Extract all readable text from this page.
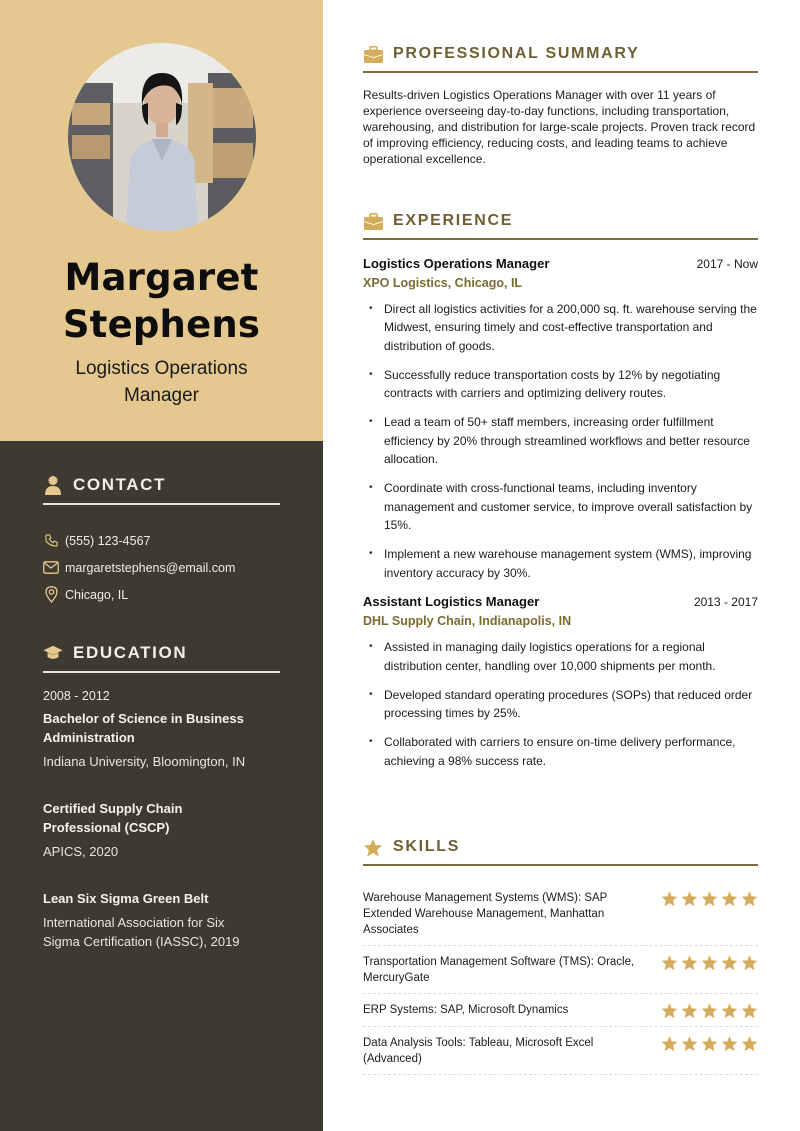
Margaret
Stephens
Logistics Operations
Manager
CONTACT
(555) 123-4567
margaretstephens@email.com
Chicago, IL
EDUCATION
2008 - 2012
Bachelor of Science in Business
Administration
Indiana University, Bloomington, IN
Certified Supply Chain
Professional (CSCP)
APICS, 2020
Lean Six Sigma Green Belt
International Association for Six
Sigma Certification (IASSC), 2019
PROFESSIONAL SUMMARY

Results-driven Logistics Operations Manager with over 11 years of experience overseeing day-to-day functions, including transportation, warehousing, and distribution for large-scale projects. Proven track record of improving efficiency, reducing costs, and leading teams to achieve operational excellence.

EXPERIENCE
Logistics Operations Manager	2017 - Now
XPO Logistics, Chicago, IL
• Direct all logistics activities for a 200,000 sq. ft. warehouse serving the Midwest, ensuring timely and cost-effective transportation and distribution of goods.
• Successfully reduce transportation costs by 12% by negotiating contracts with carriers and optimizing delivery routes.
• Lead a team of 50+ staff members, increasing order fulfillment efficiency by 20% through streamlined workflows and better resource allocation.
• Coordinate with cross-functional teams, including inventory management and customer service, to improve overall satisfaction by 15%.
• Implement a new warehouse management system (WMS), improving inventory accuracy by 30%.
Assistant Logistics Manager	2013 - 2017
DHL Supply Chain, Indianapolis, IN
• Assisted in managing daily logistics operations for a regional distribution center, handling over 10,000 shipments per month.
• Developed standard operating procedures (SOPs) that reduced order processing times by 25%.
• Collaborated with carriers to ensure on-time delivery performance, achieving a 98% success rate.
SKILLS
Warehouse Management Systems (WMS): SAP Extended Warehouse Management, Manhattan Associates
Transportation Management Software (TMS): Oracle, MercuryGate
ERP Systems: SAP, Microsoft Dynamics
Data Analysis Tools: Tableau, Microsoft Excel (Advanced)
